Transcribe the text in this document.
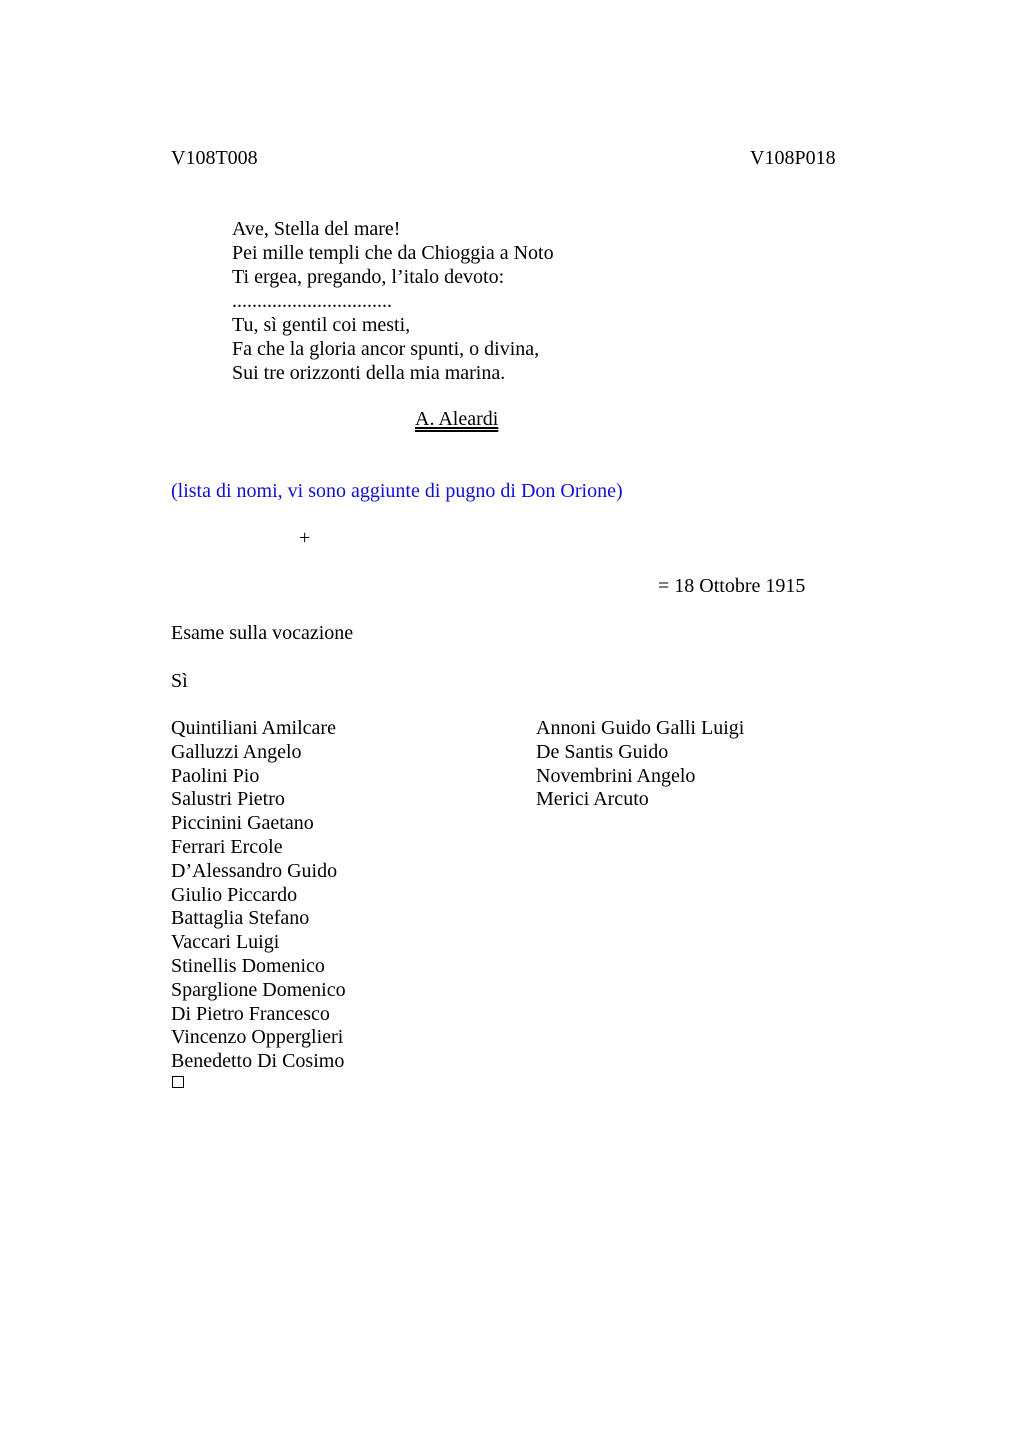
V108T008	V108P018
Ave, Stella del mare!
Pei mille templi che da Chioggia a Noto
Ti ergea, pregando, l’italo devoto:
................................
Tu, sì gentil coi mesti,
Fa che la gloria ancor spunti, o divina,
Sui tre orizzonti della mia marina.
A. Aleardi
(lista di nomi, vi sono aggiunte di pugno di Don Orione)
+
= 18 Ottobre 1915
Esame sulla vocazione
Sì
Quintiliani Amilcare
Galluzzi Angelo
Paolini Pio
Salustri Pietro
Piccinini Gaetano
Ferrari Ercole
D’Alessandro Guido
Giulio Piccardo
Battaglia Stefano
Vaccari Luigi
Stinellis Domenico
Sparglione Domenico
Di Pietro Francesco
Vincenzo Opperglieri
Benedetto Di Cosimo
Annoni Guido Galli Luigi
De Santis Guido
Novembrini Angelo
Merici Arcuto
